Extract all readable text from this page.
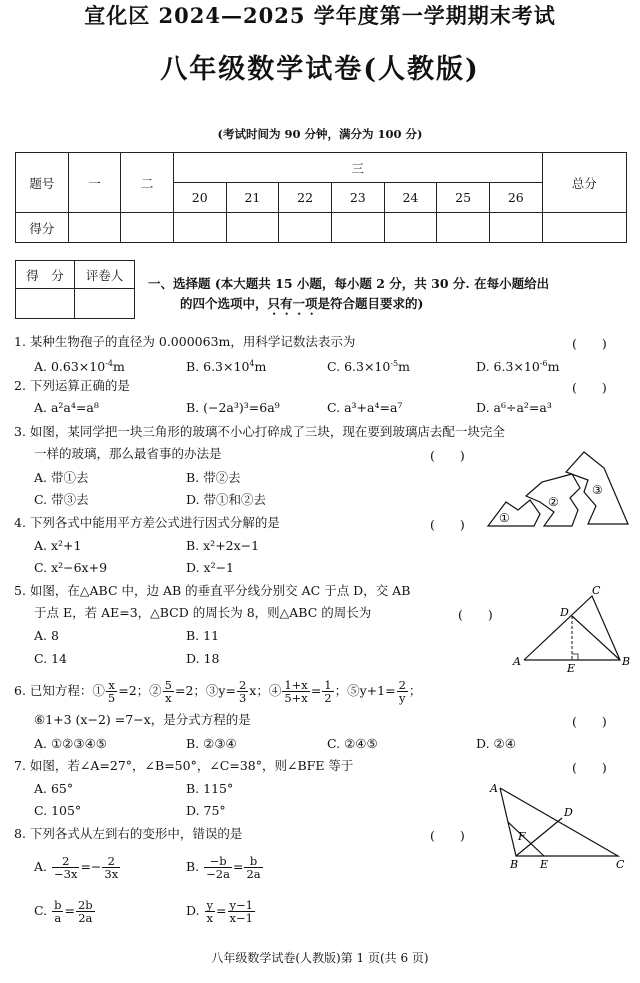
宣化区 2024—2025 学年度第一学期期末考试
八年级数学试卷(人教版)
(考试时间为 90 分钟，满分为 100 分)
题号	一	二	三							总分
			20	21	22	23	24	25	26	
得分										
得　分	评卷人

一、选择题 (本大题共 15 小题，每小题 2 分，共 30 分. 在每小题给出
的四个选项中，只有一项是符合题目要求的)
1. 某种生物孢子的直径为 0.000063m，用科学记数法表示为	(　　)
A. $0.63\times 10^{-4}m$	B. $6.3\times 10^4m$	C. $6.3\times 10^{-5}m$	D. $6.3\times 10^{-6}m$
2. 下列运算正确的是	(　　)
A. a²a⁴=a⁸	B. (−2a³)³=6a⁹	C. a³+a⁴=a⁷	D. a⁶÷a²=a³
3. 如图，某同学把一块三角形的玻璃不小心打碎成了三块，现在要到玻璃店去配一块完全
一样的玻璃，那么最省事的办法是	(　　)
A. 带①去	B. 带②去
C. 带③去	D. 带①和②去
①
②
③
4. 下列各式中能用平方差公式进行因式分解的是	(　　)
A. x²+1	B. x²+2x−1
C. x²−6x+9	D. x²−1
5. 如图，在△ABC 中，边 AB 的垂直平分线分别交 AC 于点 D，交 AB
于点 E，若 AE=3，△BCD 的周长为 8，则△ABC 的周长为	(　　)
A. 8	B. 11
C. 14	D. 18
C
D
A
E
B
6. 已知方程：① $\frac{x}{5} =2$；② $\frac{5}{x} =2$；③y= $\frac{2}{3}$ x；④ $\frac{1+x}{5+x} = \frac{1}{2}$ ；⑤y+1= $\frac{2}{y}$ ；
⑥1+3 (x−2) =7−x，是分式方程的是	(　　)
A. ①②③④⑤	B. ②③④	C. ②④⑤	D. ②④
7. 如图，若∠A=27°，∠B=50°，∠C=38°，则∠BFE 等于	(　　)
A. 65°	B. 115°
C. 105°	D. 75°
A
D
F
B E	C
8. 下列各式从左到右的变形中，错误的是	(　　)
A. $\frac{2}{-3x} =- \frac{2}{3x}$	B. $\frac{-b}{-2a} = \frac{b}{2a}$
C. $\frac{b}{a} = \frac{2b}{2a}$	D. $\frac{y}{x} = \frac{y-1}{x-1}$
八年级数学试卷(人教版)第 1 页(共 6 页)
